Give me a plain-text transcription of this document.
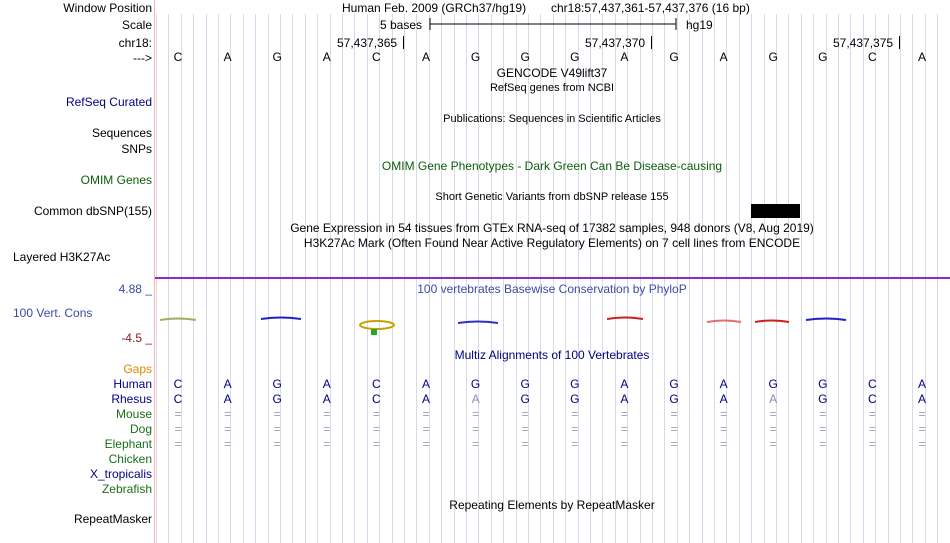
Window Position	Human Feb. 2009 (GRCh37/hg19) chr18:57,437,361-57,437,376 (16 bp)
Scale	5 bases	hg19
chr18:	57,437,365	57,437,370	57,437,375
---> C	A	G	A	C	A	G	G	G	A	G	A	G	G	C	A
GENCODE V49lift37
RefSeq genes from NCBI
RefSeq Curated
Publications: Sequences in Scientific Articles
Sequences
SNPs
OMIM Gene Phenotypes - Dark Green Can Be Disease-causing
OMIM Genes
Short Genetic Variants from dbSNP release 155
Common dbSNP(155)
Gene Expression in 54 tissues from GTEx RNA-seq of 17382 samples, 948 donors (V8, Aug 2019)
H3K27Ac Mark (Often Found Near Active Regulatory Elements) on 7 cell lines from ENCODE
Layered H3K27Ac
100 vertebrates Basewise Conservation by PhyloP
4.88 _
100 Vert. Cons
-4.5 _
Multiz Alignments of 100 Vertebrates
Gaps
Human C	A	G	A	C	A	G	G	G	A	G	A	G	G	C	A
Rhesus C	A	G	A	C	A	A	G	G	A	G	A	A	G	C	A
Mouse =	=	=	=	=	=	=	=	=	=	=	=	=	=	=	=
Dog =	=	=	=	=	=	=	=	=	=	=	=	=	=	=	=
Elephant =	=	=	=	=	=	=	=	=	=	=	=	=	=	=	=
Chicken
X_tropicalis
Zebrafish
Repeating Elements by RepeatMasker
RepeatMasker
